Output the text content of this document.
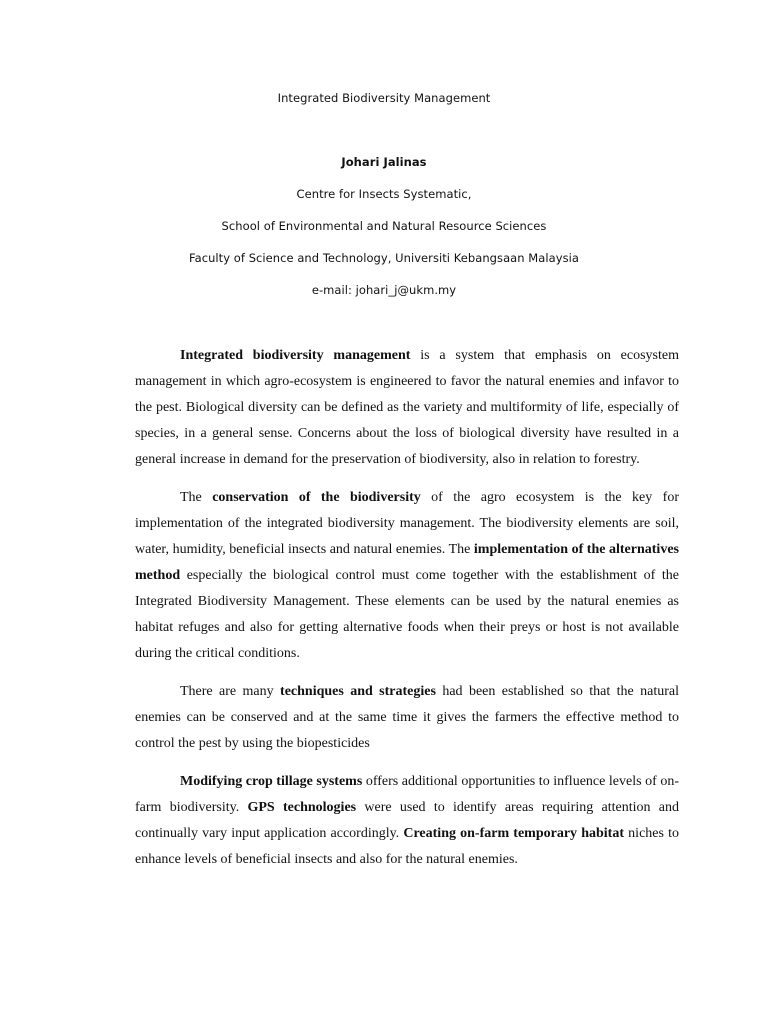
Integrated Biodiversity Management
Johari Jalinas
Centre for Insects Systematic,
School of Environmental and Natural Resource Sciences
Faculty of Science and Technology, Universiti Kebangsaan Malaysia
e-mail: johari_j@ukm.my

Integrated biodiversity management is a system that emphasis on ecosystem management in which agro-ecosystem is engineered to favor the natural enemies and infavor to the pest. Biological diversity can be defined as the variety and multiformity of life, especially of species, in a general sense. Concerns about the loss of biological diversity have resulted in a general increase in demand for the preservation of biodiversity, also in relation to forestry.

The conservation of the biodiversity of the agro ecosystem is the key for implementation of the integrated biodiversity management. The biodiversity elements are soil, water, humidity, beneficial insects and natural enemies. The implementation of the alternatives method especially the biological control must come together with the establishment of the Integrated Biodiversity Management. These elements can be used by the natural enemies as habitat refuges and also for getting alternative foods when their preys or host is not available during the critical conditions.

There are many techniques and strategies had been established so that the natural enemies can be conserved and at the same time it gives the farmers the effective method to control the pest by using the biopesticides

Modifying crop tillage systems offers additional opportunities to influence levels of on-farm biodiversity. GPS technologies were used to identify areas requiring attention and continually vary input application accordingly. Creating on-farm temporary habitat niches to enhance levels of beneficial insects and also for the natural enemies.
